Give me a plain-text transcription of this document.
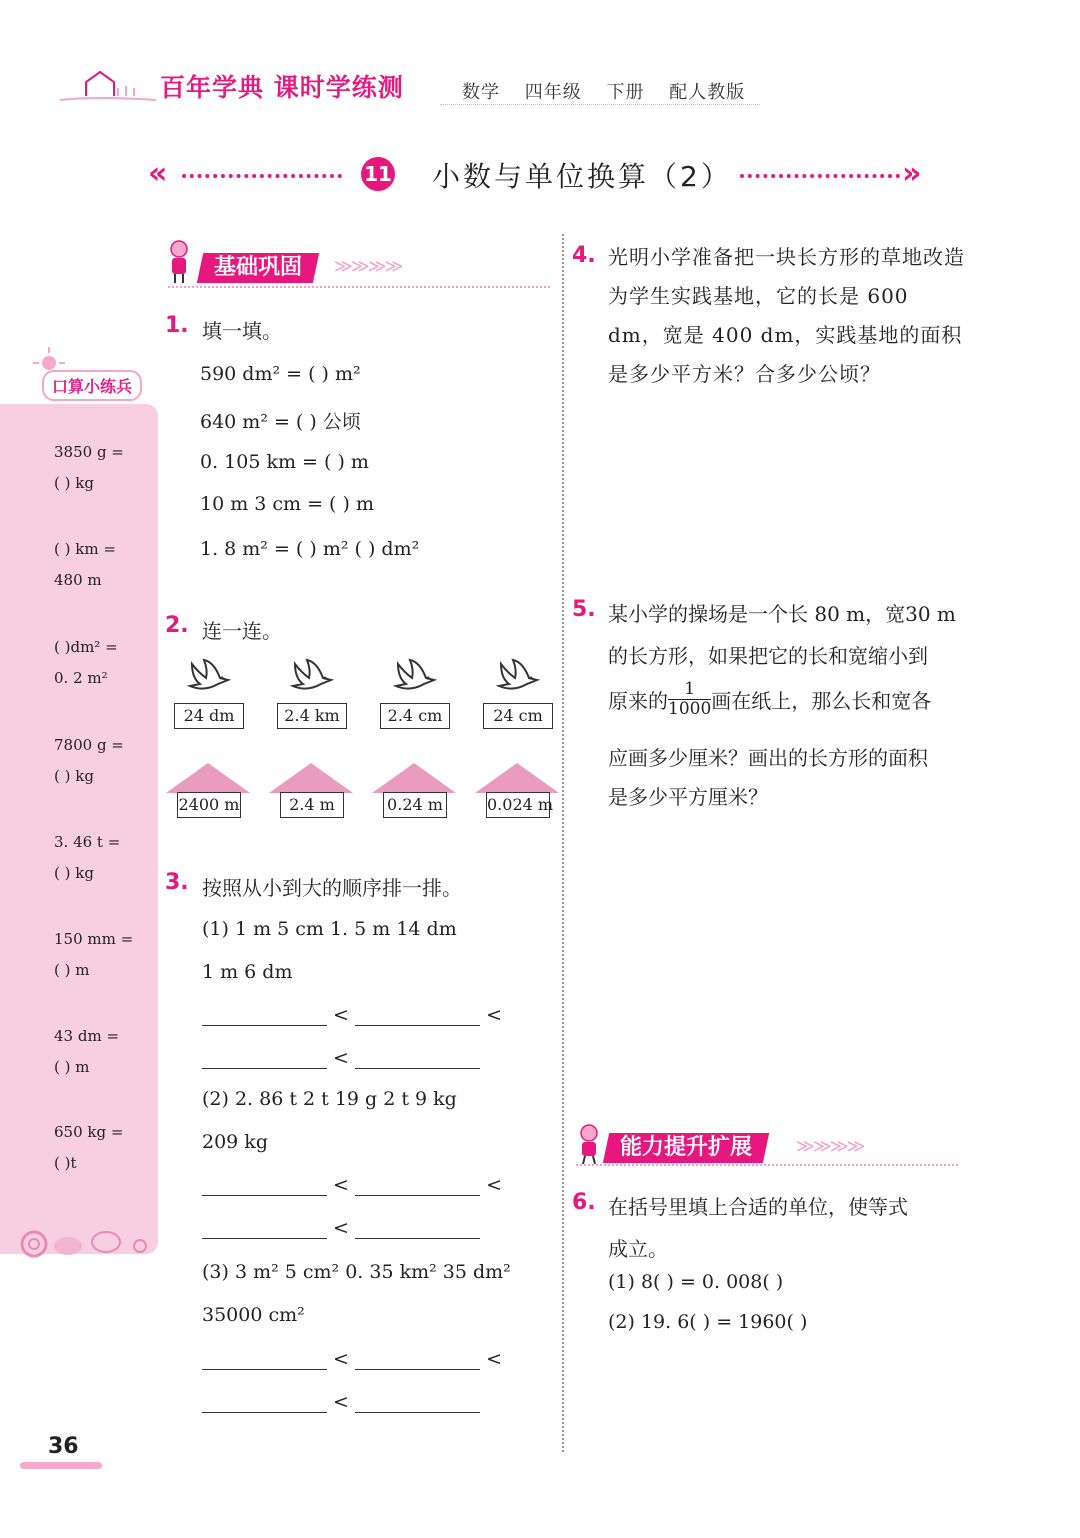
百年学典 课时学练测	数学 四年级 下册 配人教版
«	11 小数与单位换算（2）	»
口算小练兵
3850 g =
( ) kg
( ) km =
480 m
( )dm² =
0. 2 m²
7800 g =
( ) kg
3. 46 t =
( ) kg
150 mm =
( ) m
43 dm =
( ) m
650 kg =
( )t
基础巩固	≫≫≫≫
1. 填一填。
590 dm² = ( ) m²
640 m² = ( ) 公顷
0. 105 km = ( ) m
10 m 3 cm = ( ) m
1. 8 m² = ( ) m² ( ) dm²
2. 连一连。
24 dm	2.4 km	2.4 cm	24 cm
2400 m	2.4 m	0.24 m	0.024 m
3. 按照从小到大的顺序排一排。
(1) 1 m 5 cm 1. 5 m 14 dm
1 m 6 dm
<	<
<
(2) 2. 86 t 2 t 19 g 2 t 9 kg
209 kg
<	<
<
(3) 3 m² 5 cm² 0. 35 km² 35 dm²
35000 cm²
<	<
<
4. 光明小学准备把一块长方形的草地改造为学生实践基地，它的长是 600 dm，宽是 400 dm，实践基地的面积是多少平方米？合多少公顷？
5. 某小学的操场是一个长 80 m，宽30 m
的长方形，如果把它的长和宽缩小到
原来的 $\frac{1}{1000}$ 画在纸上，那么长和宽各
应画多少厘米？画出的长方形的面积
是多少平方厘米？
能力提升扩展	≫≫≫≫
6. 在括号里填上合适的单位，使等式
成立。
(1) 8( ) = 0. 008( )
(2) 19. 6( ) = 1960( )
36
